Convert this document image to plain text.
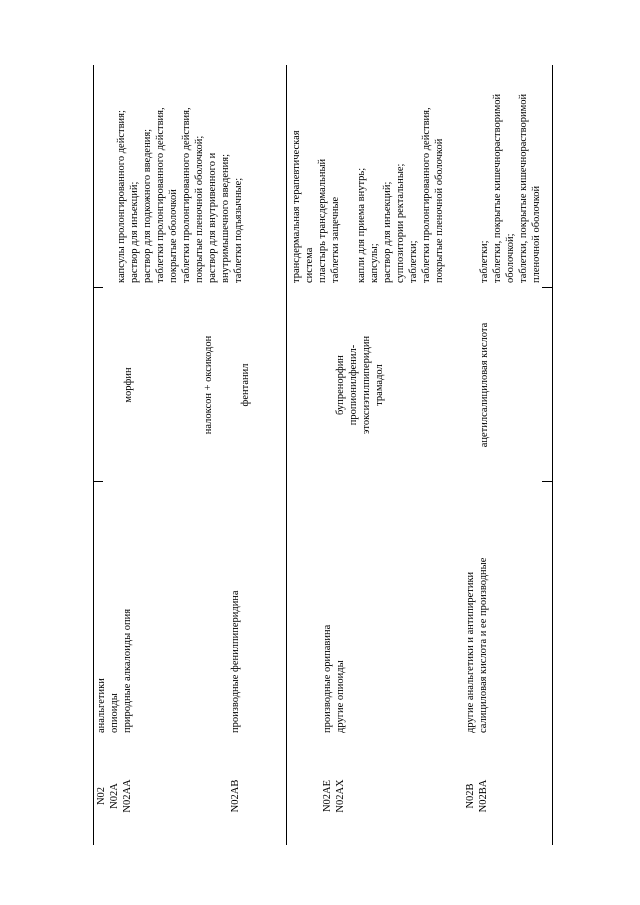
N02 N02A N02AA
анальгетики опиоиды природные алкалоиды опия
морфин
капсулы пролонгированного действия; раствор для инъекций; раствор для подкожного введения; таблетки пролонгированного действия, покрытые оболочкой таблетки пролонгированного действия, покрытые пленочной оболочкой; раствор для внутривенного и внутримышечного введения; таблетки подъязычные;
налоксон + оксикодон
N02AB
производные фенилпиперидина
фентанил
N02AE N02AX
производные орипавина другие опиоиды
бупренорфин пропионилфенил- этоксиэтилпиперидин трамадол
трансдермальная терапевтическая система пластырь трансдермальный таблетки защечные капли для приема внутрь; капсулы; раствор для инъекций; суппозитории ректальные; таблетки; таблетки пролонгированного действия, покрытые пленочной оболочкой
N02B N02BA
другие анальгетики и антипиретики салициловая кислота и ее производные
ацетилсалициловая кислота
таблетки; таблетки, покрытые кишечнорастворимой оболочкой; таблетки, покрытые кишечнорастворимой пленочной оболочкой
